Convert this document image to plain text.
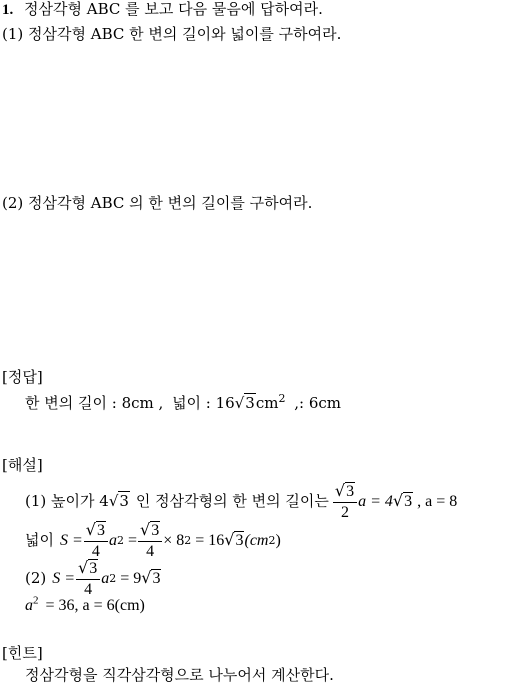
1. 정삼각형 ABC 를 보고 다음 물음에 답하여라.
(1) 정삼각형 ABC 한 변의 길이와 넓이를 구하여라.
(2) 정삼각형 ABC 의 한 변의 길이를 구하여라.
[정답]
한 변의 길이 : 8cm , 넓이 : $16√3cm^2$ ,: 6cm
[해설]
(1) 높이가 4 √3 인 정삼각형의 한 변의 길이는 $\frac{√3}{2}$ a = 4 √3 , a = 8
넓이 $S = \frac{√3}{4}$ a $2 = \frac{√3}{4} \times 8$ 2 = 16 √3 (cm 2 )
(2) $S = \frac{√3}{4}$ a 2 = 9 √3
$a^2 = 36$, a = 6(cm)
[힌트]
정삼각형을 직각삼각형으로 나누어서 계산한다.
